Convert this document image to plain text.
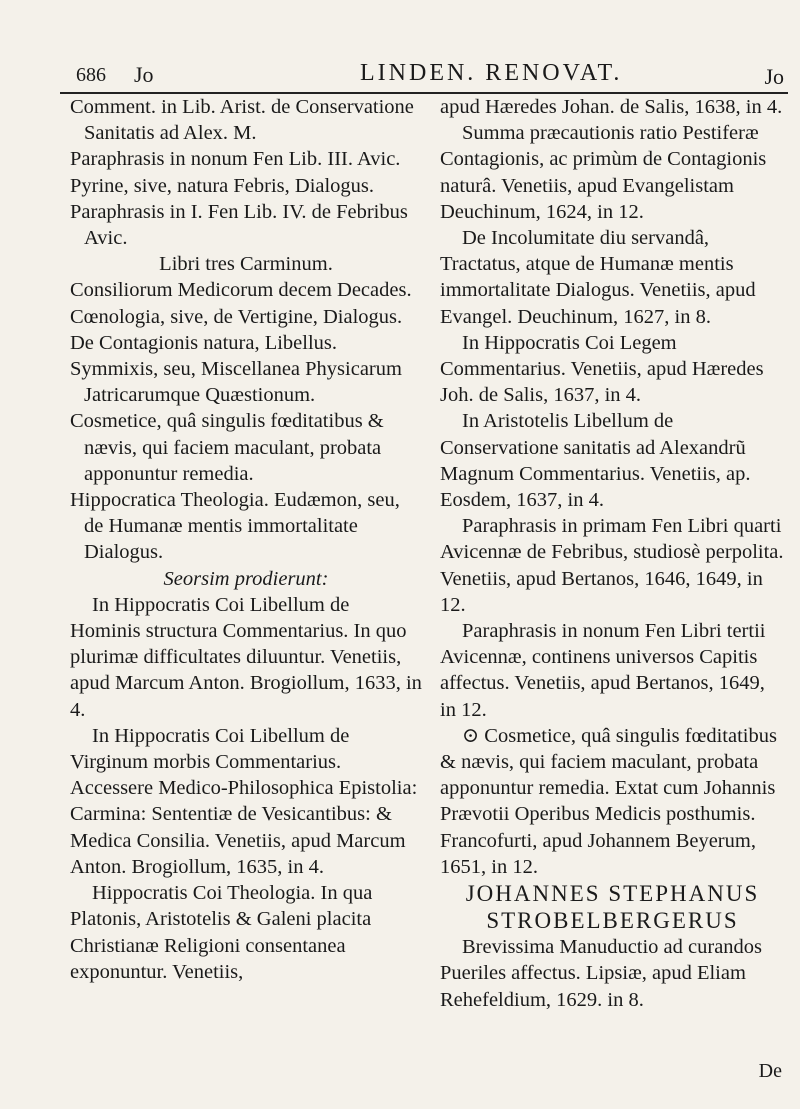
686 Jo	LINDEN. RENOVAT.	Jo

Comment. in Lib. Arist. de Conservatione Sanitatis ad Alex. M.

Paraphrasis in nonum Fen Lib. III. Avic.

Pyrine, sive, natura Febris, Dialogus.

Paraphrasis in I. Fen Lib. IV. de Febribus Avic.

Libri tres Carminum.

Consiliorum Medicorum decem Decades.

Cœnologia, sive, de Vertigine, Dialogus.

De Contagionis natura, Libellus.

Symmixis, seu, Miscellanea Physicarum Jatricarumque Quæstionum.

Cosmetice, quâ singulis fœditatibus & nævis, qui faciem maculant, probata apponuntur remedia.

Hippocratica Theologia. Eudæmon, seu, de Humanæ mentis immortalitate Dialogus.

Seorsim prodierunt:

In Hippocratis Coi Libellum de Hominis structura Commentarius. In quo plurimæ difficultates diluuntur. Venetiis, apud Marcum Anton. Brogiollum, 1633, in 4.

In Hippocratis Coi Libellum de Virginum morbis Commentarius. Accessere Medico-Philosophica Epistolia: Carmina: Sententiæ de Vesicantibus: & Medica Consilia. Venetiis, apud Marcum Anton. Brogiollum, 1635, in 4.

Hippocratis Coi Theologia. In qua Platonis, Aristotelis & Galeni placita Christianæ Religioni consentanea exponuntur. Venetiis,

apud Hæredes Johan. de Salis, 1638, in 4.

Summa præcautionis ratio Pestiferæ Contagionis, ac primùm de Contagionis naturâ. Venetiis, apud Evangelistam Deuchinum, 1624, in 12.

De Incolumitate diu servandâ, Tractatus, atque de Humanæ mentis immortalitate Dialogus. Venetiis, apud Evangel. Deuchinum, 1627, in 8.

In Hippocratis Coi Legem Commentarius. Venetiis, apud Hæredes Joh. de Salis, 1637, in 4.

In Aristotelis Libellum de Conservatione sanitatis ad Alexandrũ Magnum Commentarius. Venetiis, ap. Eosdem, 1637, in 4.

Paraphrasis in primam Fen Libri quarti Avicennæ de Febribus, studiosè perpolita. Venetiis, apud Bertanos, 1646, 1649, in 12.

Paraphrasis in nonum Fen Libri tertii Avicennæ, continens universos Capitis affectus. Venetiis, apud Bertanos, 1649, in 12.

⊙ Cosmetice, quâ singulis fœditatibus & nævis, qui faciem maculant, probata apponuntur remedia. Extat cum Johannis Prævotii Operibus Medicis posthumis. Francofurti, apud Johannem Beyerum, 1651, in 12.

JOHANNES STEPHANUS STROBELBERGERUS

Brevissima Manuductio ad curandos Pueriles affectus. Lipsiæ, apud Eliam Rehefeldium, 1629. in 8.

De
